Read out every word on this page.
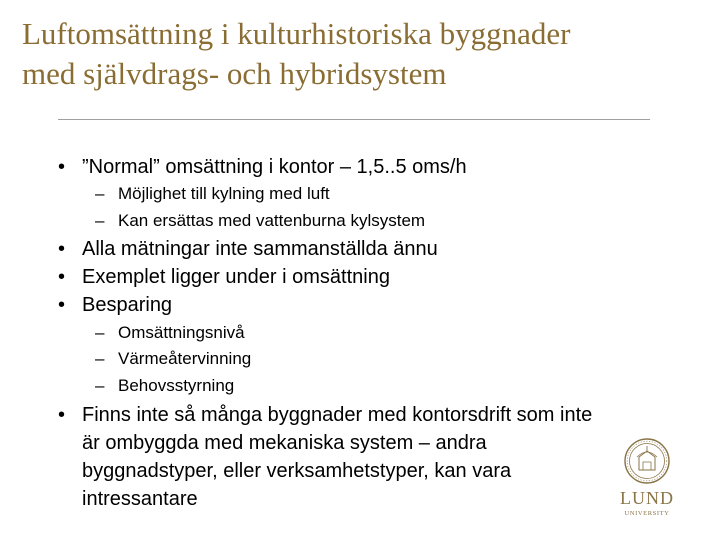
Luftomsättning i kulturhistoriska byggnader
med självdrags- och hybridsystem
• ”Normal” omsättning i kontor – 1,5..5 oms/h
– Möjlighet till kylning med luft
– Kan ersättas med vattenburna kylsystem
• Alla mätningar inte sammanställda ännu
• Exemplet ligger under i omsättning
• Besparing
– Omsättningsnivå
– Värmeåtervinning
– Behovsstyrning
• Finns inte så många byggnader med kontorsdrift som inte
är ombyggda med mekaniska system – andra
byggnadstyper, eller verksamhetstyper, kan vara
intressantare	LUND
UNIVERSITY
